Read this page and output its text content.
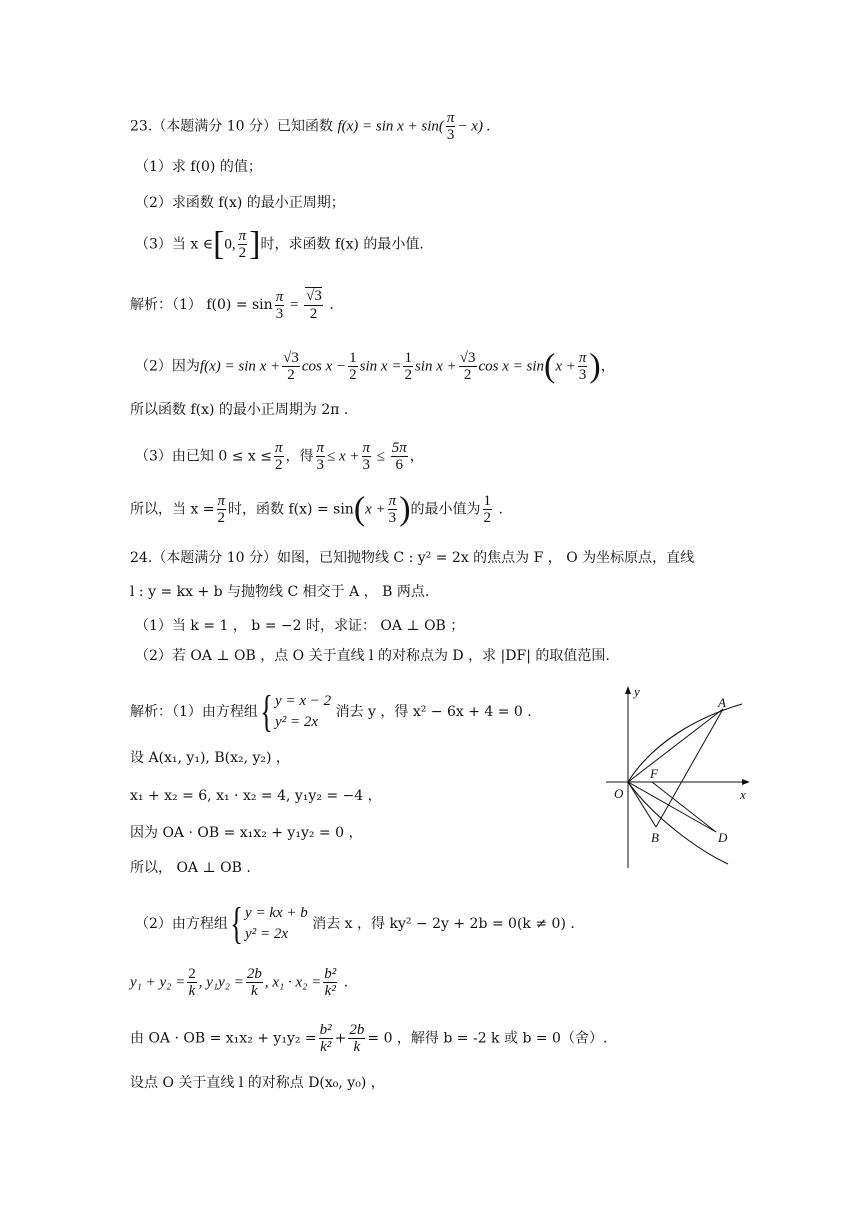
23.（本题满分 10 分）已知函数 $f(x) = \sin x + \sin( \frac{\pi}{3} - x)$ .
（1）求 f(0) 的值；
（2）求函数 f(x) 的最小正周期；
（3）当 x ∈[0, $\frac{\pi}{2}$ ]时，求函数 f(x) 的最小值.
解析：（1） $f(0) = \sin \frac{\pi}{3} = \frac{√3}{2}$ .
（2）因为$f(x) = \sin x + \frac{√3}{2}$ $\cos x - \frac{1}{2}$ $\sin x = \frac{1}{2}$ $\sin x + \frac{√3}{2}$ $\cos x = \sin(x + \frac{\pi}{3}$ )，
所以函数 f(x) 的最小正周期为 2π .
（3）由已知 $0 \le x \le \frac{\pi}{2}$ ，得 $\frac{\pi}{3} \le x + \frac{\pi}{3} \le \frac{5\pi}{6}$ ，
所以，当 $x = \frac{\pi}{2}$ 时，函数 $f(x) = \sin(x + \frac{\pi}{3}$ )的最小值为 $\frac{1}{2}$ .
24.（本题满分 10 分）如图，已知抛物线 C : y² = 2x 的焦点为 F ， O 为坐标原点，直线
l : y = kx + b 与抛物线 C 相交于 A ， B 两点.
（1）当 k = 1 ， b = −2 时，求证： OA ⊥ OB ；
（2）若 OA ⊥ OB ，点 O 关于直线 l 的对称点为 D ，求 |DF| 的取值范围.
解析：（1）由方程组{ y = x − 2
y² = 2x
消去 y ，得 x² − 6x + 4 = 0 .
设 A(x₁, y₁), B(x₂, y₂) ，
x₁ + x₂ = 6, x₁ · x₂ = 4, y₁y₂ = −4 ，
因为 OA · OB = x₁x₂ + y₁y₂ = 0 ，
所以， OA ⊥ OB .
（2）由方程组{ y = kx + b
y² = 2x
消去 x ，得 ky² − 2y + 2b = 0(k ≠ 0) .
$y_1 + y_2 = \frac{2}{k}$ , $y_1y_2 = \frac{2b}{k}$ , $x_1 \cdot x_2 = \frac{\text{b²}}{\text{k²}}$ .
由 OA · OB = $x_1x_2 + y_1y_2 = \frac{\text{b²}}{\text{k²}} + \frac{2b}{k} = 0$ ，解得 b = -2 k 或 b = 0（舍）.
设点 O 关于直线 l 的对称点 D(x₀, y₀) ，
y
x
A
B
O
F
D
